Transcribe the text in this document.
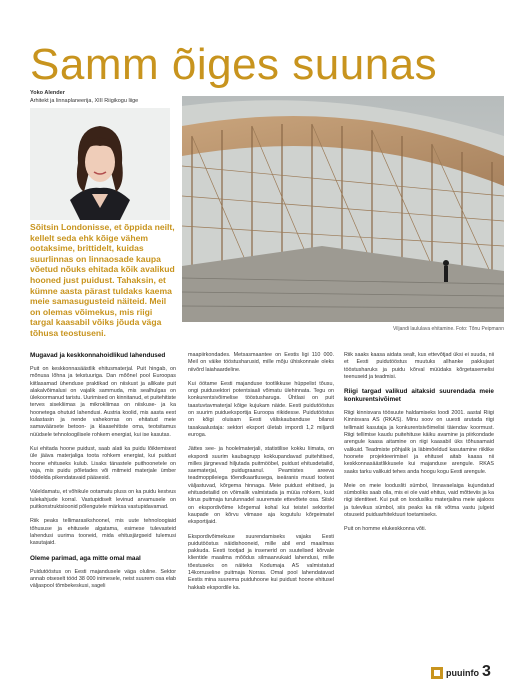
Samm õiges suunas
Yoko Alender
Arhitekt ja linnaplaneerija, XIII Riigikogu liige
Viljandi laululava ehitamine. Foto: Tõnu Peipmann
Sõitsin Londonisse, et õppida neilt, kellelt seda ehk kõige vähem ootaksime, brittidelt, kuidas suurlinnas on linnaosade kaupa võetud nõuks ehitada kõik avalikud hooned just puidust. Tahaksin, et kümne aasta pärast tuldaks kaema meie samasugusteid näiteid. Meil on olemas võimekus, mis riigi targal kaasabil võiks jõuda väga tõhusa teostuseni.
Mugavad ja keskkonnahoidlikud lahendused

Puit on keskkonnasäästlik ehitusmaterjal. Puit hingab, on mõnusa lõhna ja tekstuuriga. Dan mõõnel pool Euroopas kiitlasamad ühenduse praktikad on niiskust ja allikate puit alakalvõimalusi on vajalik sammuda, mis sealhulgas on ülekoormanud taristu. Uurimised on kinnitanud, et puitehitiste terves sisekliimas ja mikrokliimas on niiskuse- ja ka hoonetega ohutuid lahendusi. Austria koolid, mis aasta eest kulastasin ja nende vahekorras on ehitatud meie samaväärsete betoon- ja klaasehitiste oma, teotsitamus nüüdsele tehnoloogilisele rohkem energiat, kui ise kasutas.

Kui ehitada hoone puidust, saab alati ka puidu lõiktemisest üle jääva materjaliga toota rohkem energiat, kui puidust hoone ehituseks kulub. Lisaks tänastele puithoonetele on vaja, mis puidu põletades või mitmeid materjale ümber töödelda pikendatavaid pääsesid.

Valeldamatu, et võhikule ootamatu pluss on ka puidu kestvus tulekahjude korral. Vastupidiselt levinud arvamusele on puitkonstruktsioonid põlengutele märksa vastupidavamad.

Riik peaks tellimarasikshoonel, mis uute tehnoloogiaid tõhususe ja ehitusele algatama, esimese tulevasteid lahendusi uurima tooneid, mida ehitusjärgseid tulemusi kasutajaid.

Oleme parimad, aga mitte omal maal

Puidutööstus on Eesti majandusele väga oluline. Sektor annab otseselt tööd 38 000 inimesele, neist suurem osa elab väljaspool tõmbekeskusi, sageli

maapiirkondades. Metsasmaantee on Eestis ligi 110 000. Meil on väike tööstusharusid, mille mõju ühiskonnale oleks niivõrd laiahaardeline.

Kui öötame Eesti majanduse tootlikkuse hüppelist tõusu, ongi puidusektori potentsiaali võimatu ülehinnata. Tegu on konkurentsivõimelise tööstusharuga. Ühtlasi on puit taastuvtavmaterjal kõige kujukam näide. Eesti puidutööstus on suurim puidueksportija Euroopa riikidesse. Puidutööstus on kõigi oluisam Eesti väliskaubanduse bilansi tasakaalustaja: sektori eksport ületab impordi 1,2 miljardi euroga.

Jättes see- ja hoolelmaterjali, statistilise kokku liimata, on ekspordi suurim kaubagrupp kokkupandavad puitehitised, milles järgnevad hiljutada puitmööbel, puidust ehitusdetailid, saematerjal, puidugraanul. Peamistes areeva teadmoppileiega tõendkaartlusega, iseäranis muud tootest väljastuvad, kõrgema hinnaga. Meie puidust ehitised, ja ehitusdetailid on võimalik valmistada ja müüa rohkem, kuid kiirus puitmaja turulunnadel suuremate ettevõtete osa. Siiski on ekspordivõime kõrgemal kohal kui teistel sektoritel kaupade on kõrvu viimase aja kogutulu kõrgeimatel eksportijaid.

Ekspordivõimekuse suurendamiseks vajaks Eesti puidutööstus näidishooneid, mille abil end maailmas pakkuda. Eesti tootjad ja insenerid on suutelised kõrvale klientide maailma mõõdus silmaarvukaid lahendusi, mille tõestuseks on näiteks Kodumaja AS valmistatud 14korruseline puitmaja Norras. Omal pool lahendatavad Eestis mina suurema puiduhoone kui puidust hoone ehitusel hakkab ekspordile ka.

Riik saaks kaasa aidata sealt, kus ettevõtjad üksi ei suuda, nii et Eesti puidutööstus muutuks allhanke pakkujast tööstusharuks ja puidu kõrval müüdaks kõrgetasemelisi teenuseid ja teadmisi.

Riigi targad valikud aitaksid suurendada meie konkurentsivõimet

Riigi kinnisvara töösuute haldamiseks loodi 2001. aastal Riigi Kinnisvara AS (RKAS). Minu soov on uuesti arutada riigi tellimaid kasutaja ja konkurentsivõimelisi täiendav koormust. Riigi tellimise kaudu puitehituse käiku avamine ja piirkondade arengule kaasa aitamine on riigi kaasabil üks tõhusamaid valikuid. Teadmiste põhjalik ja läbimõeldud kasutamine riiklike hoonete projekteerimisel ja ehitusel aitab kaasa nii keskkonnasäästlikkusele kui majanduse arengule. RKAS saaks tarku valikuid tehes anda hoogu kogu Eesti arengule.

Meie on meie loodusliti sümbol, linnavaelaiga kujundatud sümboliks saab olla, mis ei ole vaid ehitus, vaid mõtteviis ja ka riigi identiteet. Kui puit on loodusliku materjalina meie ajaloos ja tulevikus sümbol, siis peaks ka riik võtma vastu julgeid otsuseid puiduarhitektuuri toetamiseks.

Puit on homme elukeskkonna võti.

puuinfo 3
